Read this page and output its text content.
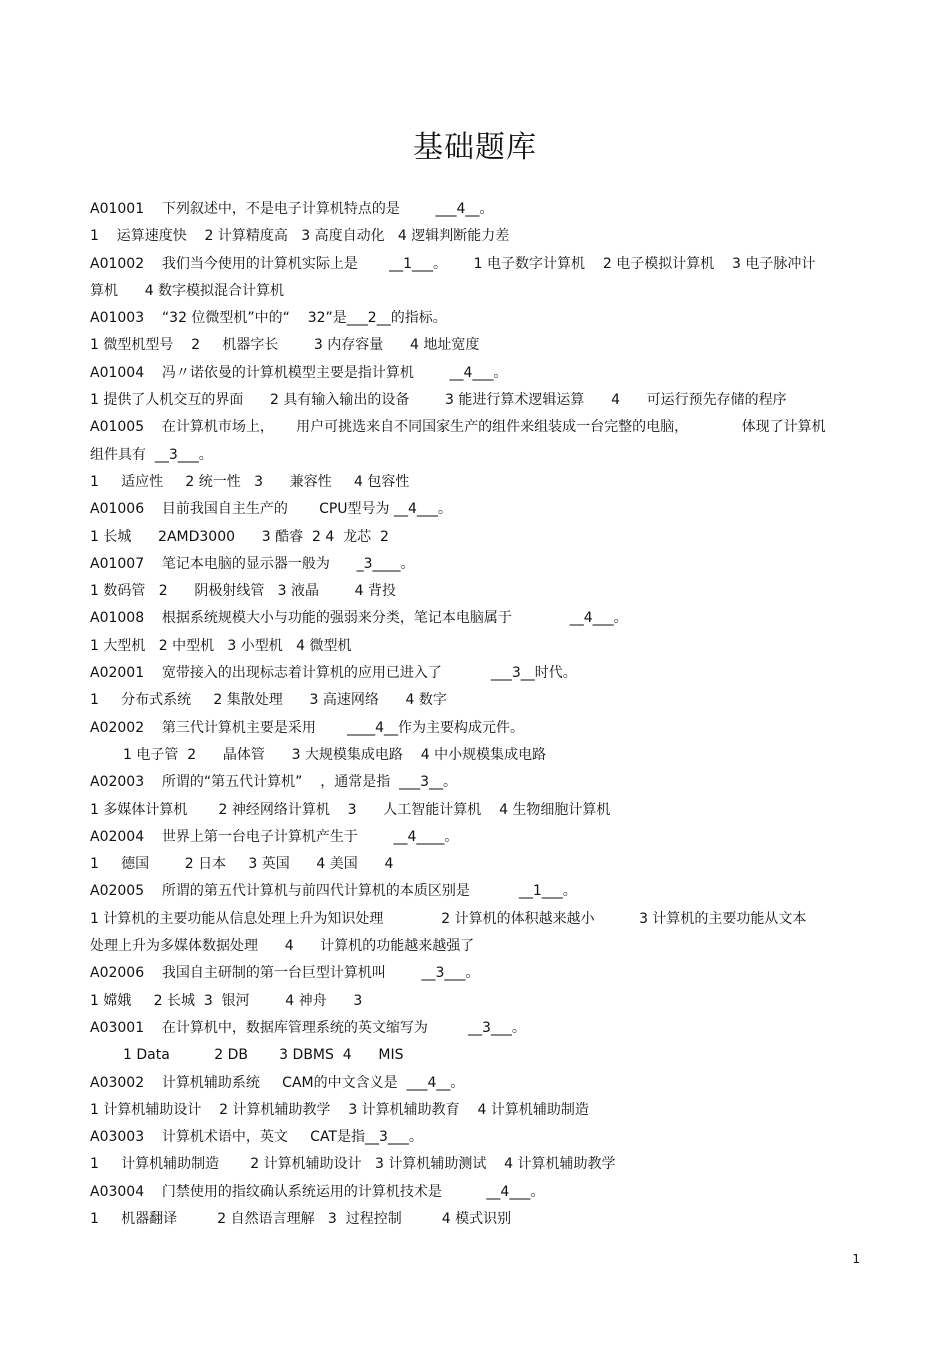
基础题库

A01001    下列叙述中，不是电子计算机特点的是        ___4__。

1    运算速度快    2 计算精度高   3 高度自动化   4 逻辑判断能力差

A01002    我们当今使用的计算机实际上是       __1___。      1 电子数字计算机    2 电子模拟计算机    3 电子脉冲计

算机      4 数字模拟混合计算机

A01003    “32 位微型机”中的“    32”是___2__的指标。

1 微型机型号    2     机器字长        3 内存容量      4 地址宽度

A01004    冯〃诺依曼的计算机模型主要是指计算机        __4___。

1 提供了人机交互的界面      2 具有输入输出的设备        3 能进行算术逻辑运算      4      可运行预先存储的程序

A01005    在计算机市场上，     用户可挑选来自不同国家生产的组件来组装成一台完整的电脑，            体现了计算机

组件具有  __3___。

1     适应性     2 统一性   3      兼容性     4 包容性

A01006    目前我国自主生产的       CPU型号为 __4___。

1 长城      2AMD3000      3 酷睿  2 4  龙芯  2

A01007    笔记本电脑的显示器一般为      _3____。

1 数码管   2      阴极射线管   3 液晶        4 背投

A01008    根据系统规模大小与功能的强弱来分类，笔记本电脑属于             __4___。

1 大型机   2 中型机   3 小型机   4 微型机

A02001    宽带接入的出现标志着计算机的应用已进入了           ___3__时代。

1     分布式系统     2 集散处理      3 高速网络      4 数字

A02002    第三代计算机主要是采用       ____4__作为主要构成元件。

1 电子管  2      晶体管      3 大规模集成电路    4 中小规模集成电路

A02003    所谓的“第五代计算机”    ，通常是指  ___3__。

1 多媒体计算机       2 神经网络计算机    3      人工智能计算机    4 生物细胞计算机

A02004    世界上第一台电子计算机产生于        __4____。

1     德国        2 日本     3 英国      4 美国      4

A02005    所谓的第五代计算机与前四代计算机的本质区别是           __1___。

1 计算机的主要功能从信息处理上升为知识处理             2 计算机的体积越来越小          3 计算机的主要功能从文本

处理上升为多媒体数据处理      4      计算机的功能越来越强了

A02006    我国自主研制的第一台巨型计算机叫        __3___。

1 嫦娥     2 长城  3  银河        4 神舟      3

A03001    在计算机中，数据库管理系统的英文缩写为         __3___。

1 Data          2 DB       3 DBMS  4      MIS

A03002    计算机辅助系统     CAM的中文含义是  ___4__。

1 计算机辅助设计    2 计算机辅助教学    3 计算机辅助教育    4 计算机辅助制造

A03003    计算机术语中，英文     CAT是指__3___。

1     计算机辅助制造       2 计算机辅助设计   3 计算机辅助测试    4 计算机辅助教学

A03004    门禁使用的指纹确认系统运用的计算机技术是          __4___。

1     机器翻译         2 自然语言理解   3  过程控制         4 模式识别

1
